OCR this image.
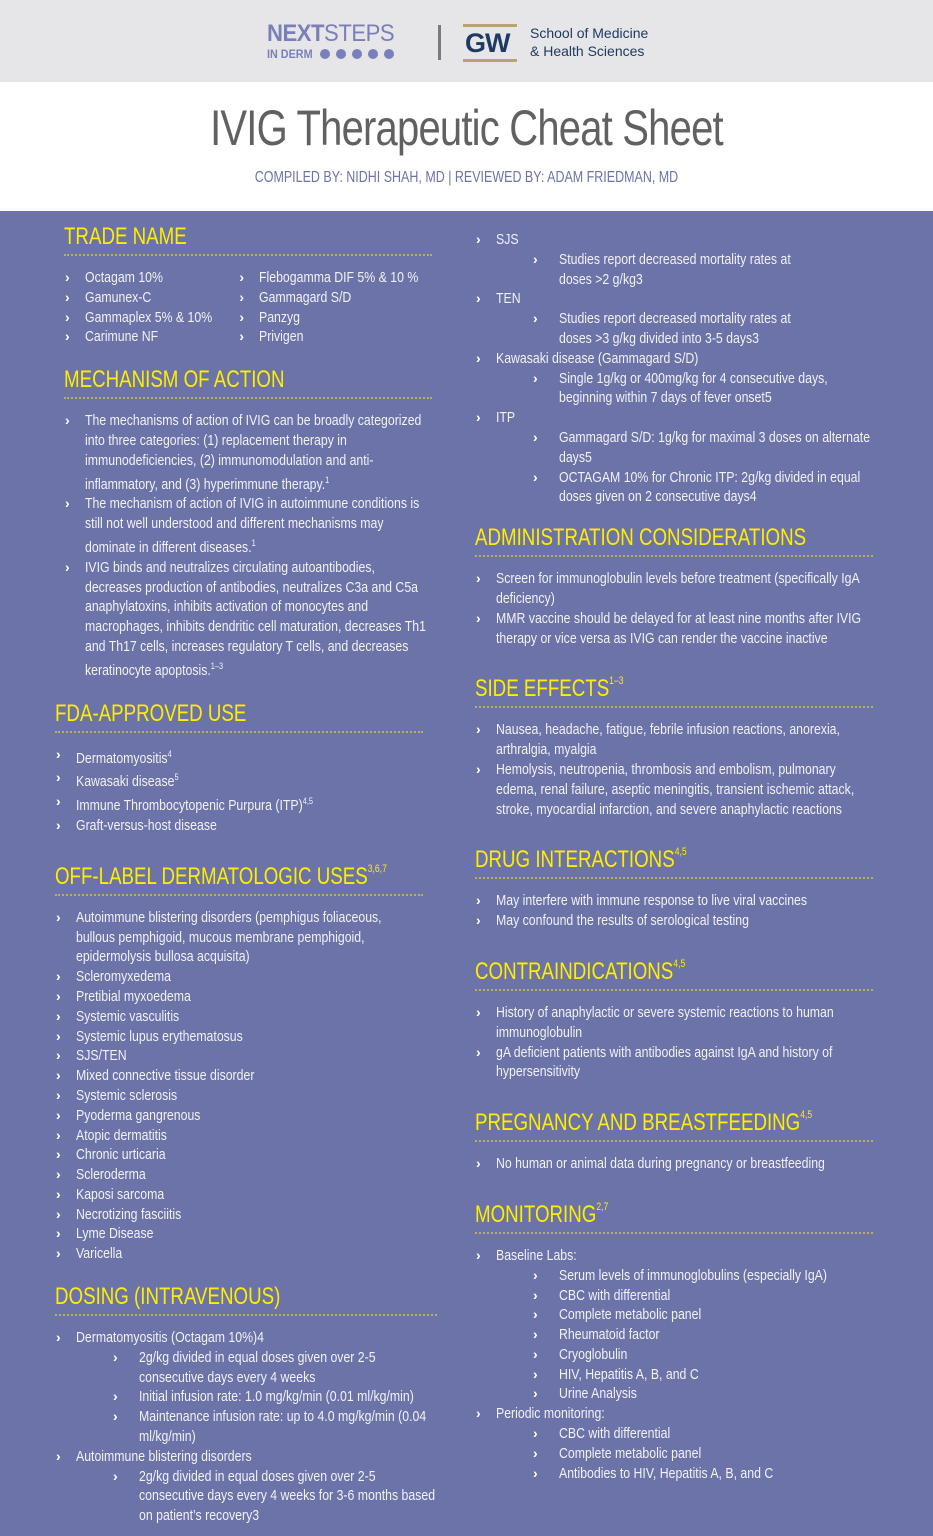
NEXTSTEPS
IN DERM	GW School of Medicine
& Health Sciences
IVIG Therapeutic Cheat Sheet
COMPILED BY: NIDHI SHAH, MD | REVIEWED BY: ADAM FRIEDMAN, MD
TRADE NAME
› Octagam 10%
› Gamunex-C
› Gammaplex 5% & 10%
› Carimune NF
› Flebogamma DIF 5% & 10 %
› Gammagard S/D
› Panzyg
› Privigen
MECHANISM OF ACTION
› The mechanisms of action of IVIG can be broadly categorized into three categories: (1) replacement therapy in immunodeficiencies, (2) immunomodulation and anti-inflammatory, and (3) hyperimmune therapy.$^1$
› The mechanism of action of IVIG in autoimmune conditions is still not well understood and different mechanisms may dominate in different diseases.$^1$
› IVIG binds and neutralizes circulating autoantibodies, decreases production of antibodies, neutralizes C3a and C5a anaphylatoxins, inhibits activation of monocytes and macrophages, inhibits dendritic cell maturation, decreases Th1 and Th17 cells, increases regulatory T cells, and decreases keratinocyte apoptosis.$^{1-3}$
FDA-APPROVED USE
› Dermatomyositis$^4$
› Kawasaki disease$^5$
› Immune Thrombocytopenic Purpura (ITP)$^{4,5}$
› Graft-versus-host disease
OFF-LABEL DERMATOLOGIC USES$^{3,6,7}$
› Autoimmune blistering disorders (pemphigus foliaceous, bullous pemphigoid, mucous membrane pemphigoid, epidermolysis bullosa acquisita)
› Scleromyxedema
› Pretibial myxoedema
› Systemic vasculitis
› Systemic lupus erythematosus
› SJS/TEN
› Mixed connective tissue disorder
› Systemic sclerosis
› Pyoderma gangrenous
› Atopic dermatitis
› Chronic urticaria
› Scleroderma
› Kaposi sarcoma
› Necrotizing fasciitis
› Lyme Disease
› Varicella
DOSING (INTRAVENOUS)
› Dermatomyositis (Octagam 10%)4
› 2g/kg divided in equal doses given over 2-5 consecutive days every 4 weeks
› Initial infusion rate: 1.0 mg/kg/min (0.01 ml/kg/min)
› Maintenance infusion rate: up to 4.0 mg/kg/min (0.04 ml/kg/min)
› Autoimmune blistering disorders
› 2g/kg divided in equal doses given over 2-5 consecutive days every 4 weeks for 3-6 months based on patient’s recovery3
› SJS
› Studies report decreased mortality rates at doses >2 g/kg3
› TEN
› Studies report decreased mortality rates at doses >3 g/kg divided into 3-5 days3
› Kawasaki disease (Gammagard S/D)
› Single 1g/kg or 400mg/kg for 4 consecutive days, beginning within 7 days of fever onset5
› ITP
› Gammagard S/D: 1g/kg for maximal 3 doses on alternate days5
› OCTAGAM 10% for Chronic ITP: 2g/kg divided in equal doses given on 2 consecutive days4
ADMINISTRATION CONSIDERATIONS
› Screen for immunoglobulin levels before treatment (specifically IgA deficiency)
› MMR vaccine should be delayed for at least nine months after IVIG therapy or vice versa as IVIG can render the vaccine inactive
SIDE EFFECTS$^{1-3}$
› Nausea, headache, fatigue, febrile infusion reactions, anorexia, arthralgia, myalgia
› Hemolysis, neutropenia, thrombosis and embolism, pulmonary edema, renal failure, aseptic meningitis, transient ischemic attack, stroke, myocardial infarction, and severe anaphylactic reactions
DRUG INTERACTIONS$^{4,5}$
› May interfere with immune response to live viral vaccines
› May confound the results of serological testing
CONTRAINDICATIONS$^{4,5}$
› History of anaphylactic or severe systemic reactions to human immunoglobulin
› gA deficient patients with antibodies against IgA and history of hypersensitivity
PREGNANCY AND BREASTFEEDING$^{4,5}$
› No human or animal data during pregnancy or breastfeeding
MONITORING$^{2,7}$
› Baseline Labs:
› Serum levels of immunoglobulins (especially IgA)
› CBC with differential
› Complete metabolic panel
› Rheumatoid factor
› Cryoglobulin
› HIV, Hepatitis A, B, and C
› Urine Analysis
› Periodic monitoring:
› CBC with differential
› Complete metabolic panel
› Antibodies to HIV, Hepatitis A, B, and C
